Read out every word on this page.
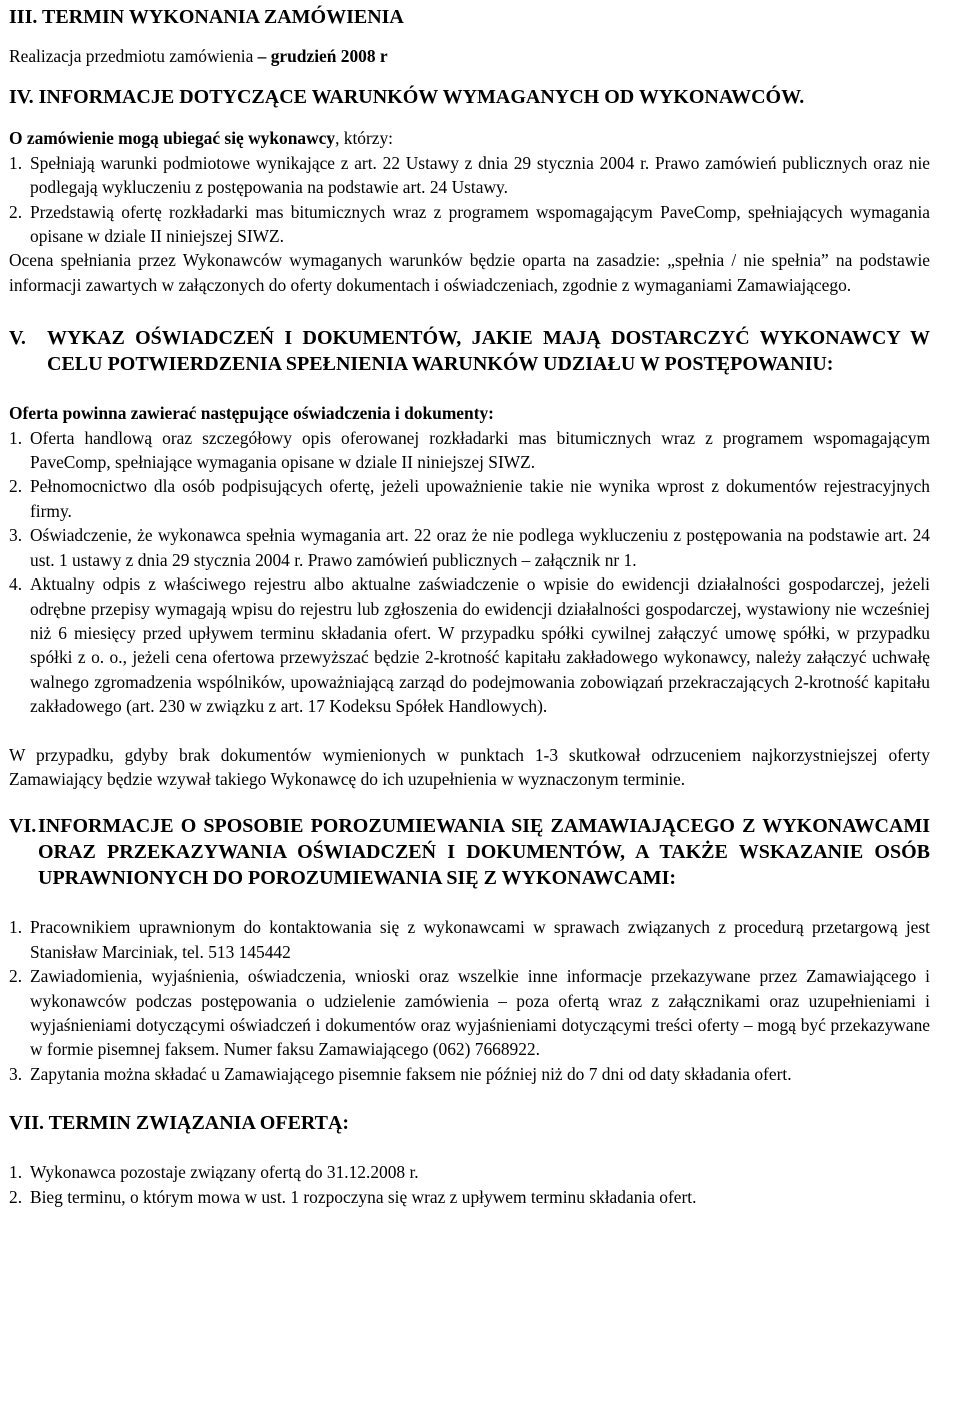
III. TERMIN WYKONANIA ZAMÓWIENIA

Realizacja przedmiotu zamówienia – grudzień 2008 r

IV. INFORMACJE DOTYCZĄCE WARUNKÓW WYMAGANYCH OD WYKONAWCÓW.

O zamówienie mogą ubiegać się wykonawcy, którzy:

1. Spełniają warunki podmiotowe wynikające z art. 22 Ustawy z dnia 29 stycznia 2004 r. Prawo zamówień publicznych oraz nie podlegają wykluczeniu z postępowania na podstawie art. 24 Ustawy.
2. Przedstawią ofertę rozkładarki mas bitumicznych wraz z programem wspomagającym PaveComp, spełniających wymagania opisane w dziale II niniejszej SIWZ.

Ocena spełniania przez Wykonawców wymaganych warunków będzie oparta na zasadzie: „spełnia / nie spełnia” na podstawie informacji zawartych w załączonych do oferty dokumentach i oświadczeniach, zgodnie z wymaganiami Zamawiającego.

V.	WYKAZ OŚWIADCZEŃ I DOKUMENTÓW, JAKIE MAJĄ DOSTARCZYĆ WYKONAWCY W CELU POTWIERDZENIA SPEŁNIENIA WARUNKÓW UDZIAŁU W POSTĘPOWANIU:

Oferta powinna zawierać następujące oświadczenia i dokumenty:

1. Oferta handlową oraz szczegółowy opis oferowanej rozkładarki mas bitumicznych wraz z programem wspomagającym PaveComp, spełniające wymagania opisane w dziale II niniejszej SIWZ.
2. Pełnomocnictwo dla osób podpisujących ofertę, jeżeli upoważnienie takie nie wynika wprost z dokumentów rejestracyjnych firmy.
3. Oświadczenie, że wykonawca spełnia wymagania art. 22 oraz że nie podlega wykluczeniu z postępowania na podstawie art. 24 ust. 1 ustawy z dnia 29 stycznia 2004 r. Prawo zamówień publicznych – załącznik nr 1.
4. Aktualny odpis z właściwego rejestru albo aktualne zaświadczenie o wpisie do ewidencji działalności gospodarczej, jeżeli odrębne przepisy wymagają wpisu do rejestru lub zgłoszenia do ewidencji działalności gospodarczej, wystawiony nie wcześniej niż 6 miesięcy przed upływem terminu składania ofert. W przypadku spółki cywilnej załączyć umowę spółki, w przypadku spółki z o. o., jeżeli cena ofertowa przewyższać będzie 2-krotność kapitału zakładowego wykonawcy, należy załączyć uchwałę walnego zgromadzenia wspólników, upoważniającą zarząd do podejmowania zobowiązań przekraczających 2-krotność kapitału zakładowego (art. 230 w związku z art. 17 Kodeksu Spółek Handlowych).

W przypadku, gdyby brak dokumentów wymienionych w punktach 1-3 skutkował odrzuceniem najkorzystniejszej oferty Zamawiający będzie wzywał takiego Wykonawcę do ich uzupełnienia w wyznaczonym terminie.

VI. INFORMACJE O SPOSOBIE POROZUMIEWANIA SIĘ ZAMAWIAJĄCEGO Z WYKONAWCAMI ORAZ PRZEKAZYWANIA OŚWIADCZEŃ I DOKUMENTÓW, A TAKŻE WSKAZANIE OSÓB UPRAWNIONYCH DO POROZUMIEWANIA SIĘ Z WYKONAWCAMI:
1. Pracownikiem uprawnionym do kontaktowania się z wykonawcami w sprawach związanych z procedurą przetargową jest Stanisław Marciniak, tel. 513 145442
2. Zawiadomienia, wyjaśnienia, oświadczenia, wnioski oraz wszelkie inne informacje przekazywane przez Zamawiającego i wykonawców podczas postępowania o udzielenie zamówienia – poza ofertą wraz z załącznikami oraz uzupełnieniami i wyjaśnieniami dotyczącymi oświadczeń i dokumentów oraz wyjaśnieniami dotyczącymi treści oferty – mogą być przekazywane w formie pisemnej faksem. Numer faksu Zamawiającego (062) 7668922.
3. Zapytania można składać u Zamawiającego pisemnie faksem nie później niż do 7 dni od daty składania ofert.

VII. TERMIN ZWIĄZANIA OFERTĄ:

1. Wykonawca pozostaje związany ofertą do 31.12.2008 r.
2. Bieg terminu, o którym mowa w ust. 1 rozpoczyna się wraz z upływem terminu składania ofert.
